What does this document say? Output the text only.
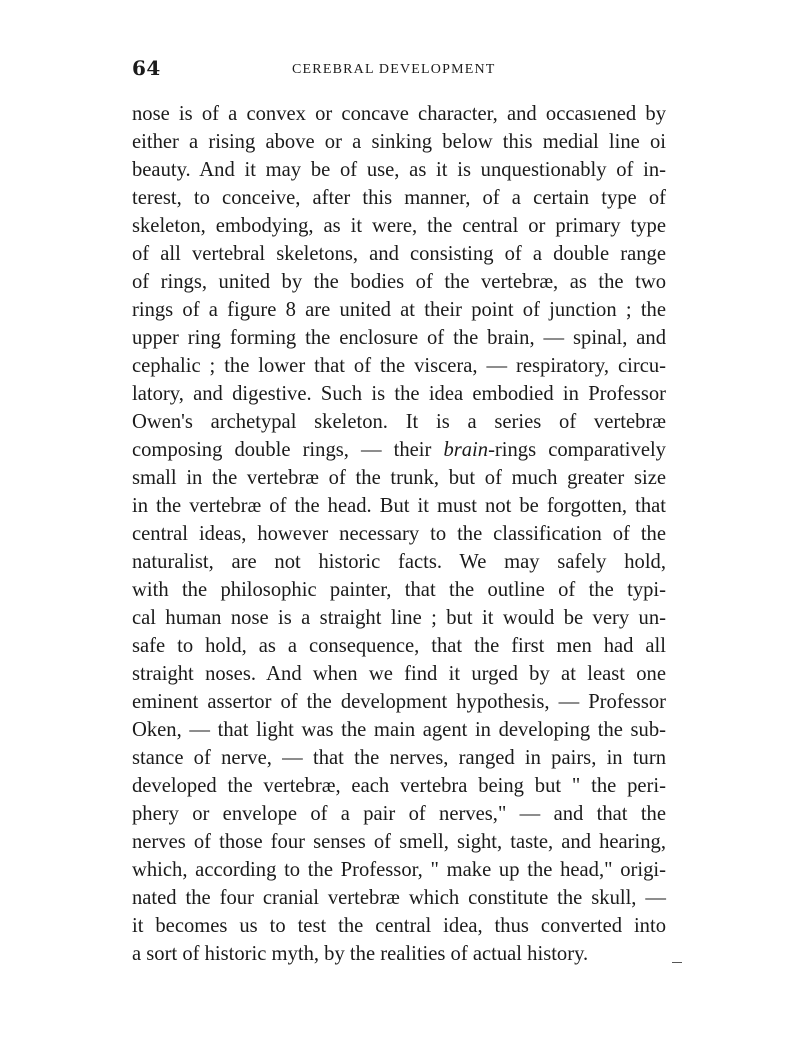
64	CEREBRAL DEVELOPMENT
nose is of a convex or concave character, and occasıened by
either a rising above or a sinking below this medial line oi
beauty. And it may be of use, as it is unquestionably of in-
terest, to conceive, after this manner, of a certain type of
skeleton, embodying, as it were, the central or primary type
of all vertebral skeletons, and consisting of a double range
of rings, united by the bodies of the vertebræ, as the two
rings of a figure 8 are united at their point of junction ; the
upper ring forming the enclosure of the brain, — spinal, and
cephalic ; the lower that of the viscera, — respiratory, circu-
latory, and digestive. Such is the idea embodied in Professor
Owen's archetypal skeleton. It is a series of vertebræ
composing double rings, — their brain-rings comparatively
small in the vertebræ of the trunk, but of much greater size
in the vertebræ of the head. But it must not be forgotten, that
central ideas, however necessary to the classification of the
naturalist, are not historic facts. We may safely hold,
with the philosophic painter, that the outline of the typi-
cal human nose is a straight line ; but it would be very un-
safe to hold, as a consequence, that the first men had all
straight noses. And when we find it urged by at least one
eminent assertor of the development hypothesis, — Professor
Oken, — that light was the main agent in developing the sub-
stance of nerve, — that the nerves, ranged in pairs, in turn
developed the vertebræ, each vertebra being but " the peri-
phery or envelope of a pair of nerves," — and that the
nerves of those four senses of smell, sight, taste, and hearing,
which, according to the Professor, " make up the head," origi-
nated the four cranial vertebræ which constitute the skull, —
it becomes us to test the central idea, thus converted into
a sort of historic myth, by the realities of actual history.
